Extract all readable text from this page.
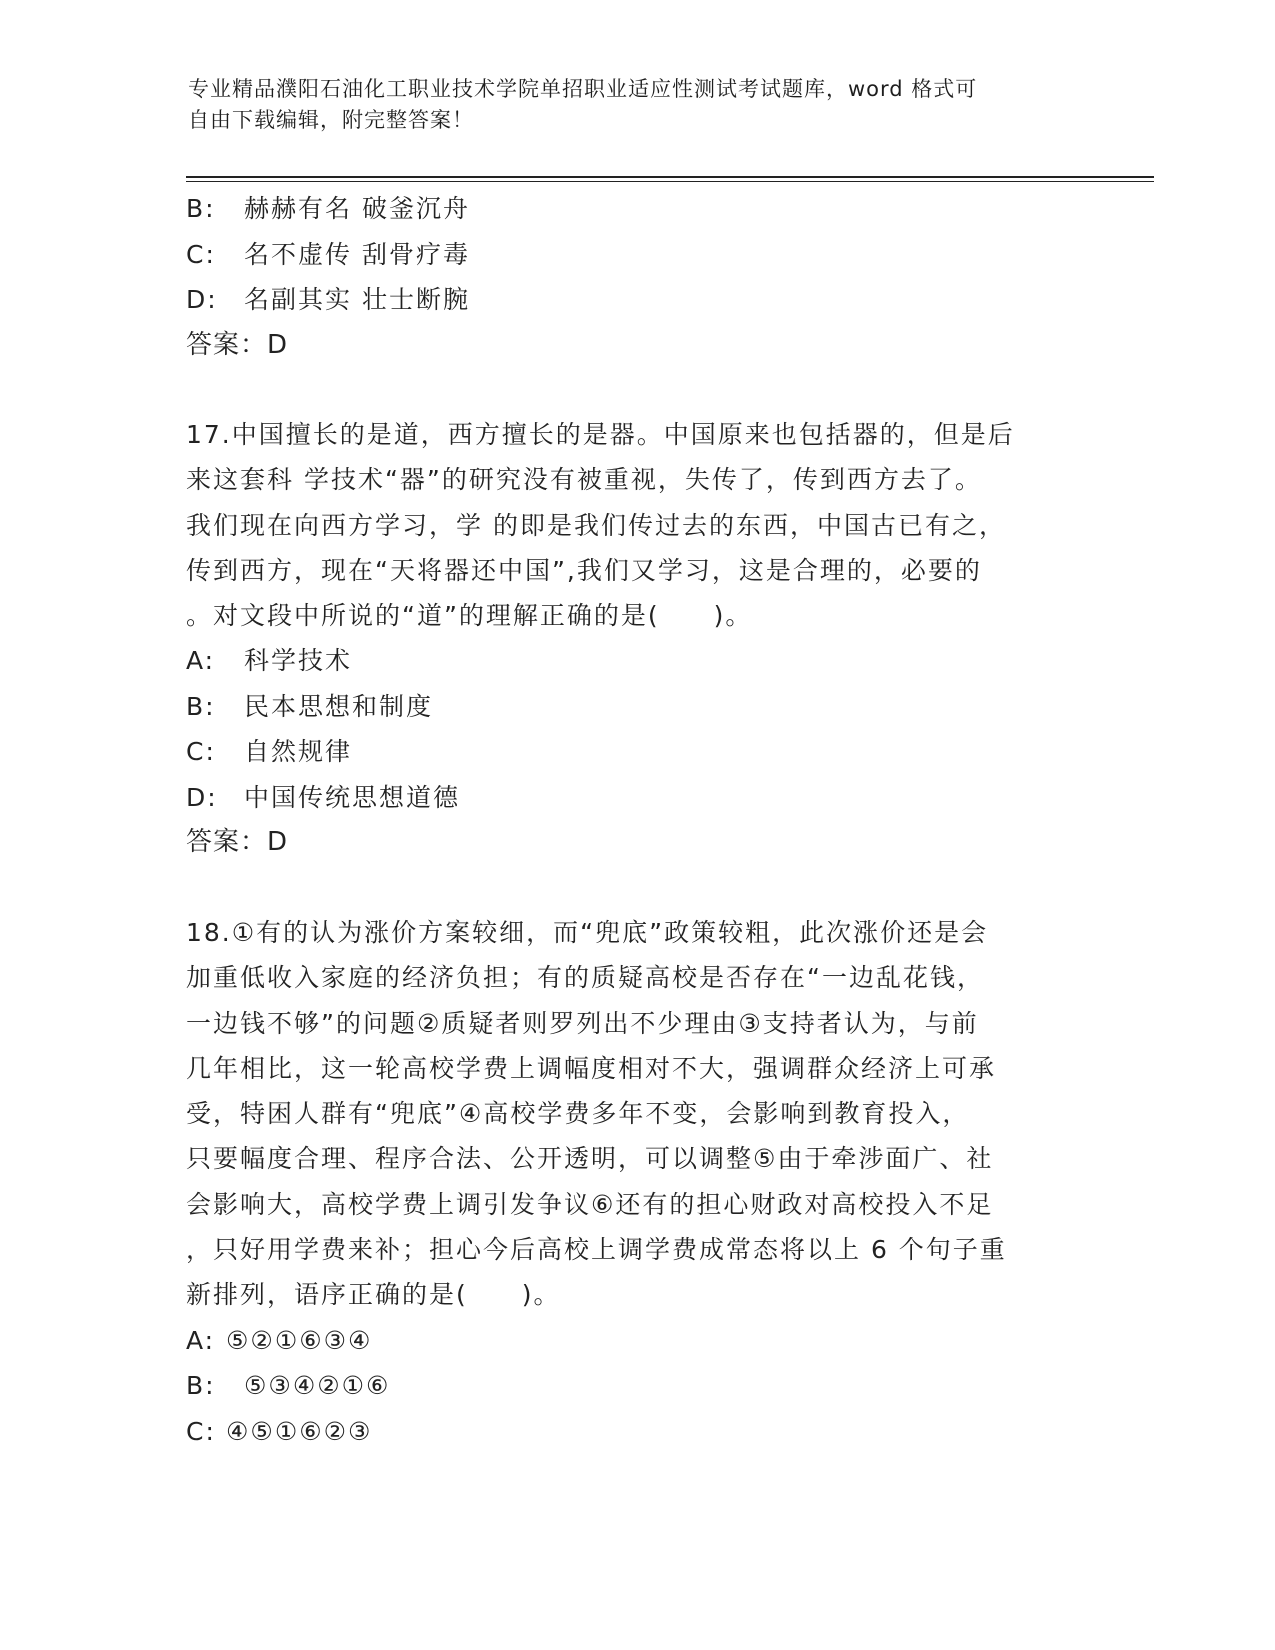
专业精品濮阳石油化工职业技术学院单招职业适应性测试考试题库，word 格式可
自由下载编辑，附完整答案！
B: 赫赫有名 破釜沉舟
C: 名不虚传 刮骨疗毒
D: 名副其实 壮士断腕
答案：D
17.中国擅长的是道，西方擅长的是器。中国原来也包括器的，但是后
来这套科 学技术“器”的研究没有被重视，失传了，传到西方去了。
我们现在向西方学习，学 的即是我们传过去的东西，中国古已有之，
传到西方，现在“天将器还中国”,我们又学习，这是合理的，必要的
。对文段中所说的“道”的理解正确的是(　　)。
A: 科学技术
B: 民本思想和制度
C: 自然规律
D: 中国传统思想道德
答案：D
18.①有的认为涨价方案较细，而“兜底”政策较粗，此次涨价还是会
加重低收入家庭的经济负担；有的质疑高校是否存在“一边乱花钱，
一边钱不够”的问题②质疑者则罗列出不少理由③支持者认为，与前
几年相比，这一轮高校学费上调幅度相对不大，强调群众经济上可承
受，特困人群有“兜底”④高校学费多年不变，会影响到教育投入，
只要幅度合理、程序合法、公开透明，可以调整⑤由于牵涉面广、社
会影响大，高校学费上调引发争议⑥还有的担心财政对高校投入不足
，只好用学费来补；担心今后高校上调学费成常态将以上 6 个句子重
新排列，语序正确的是(　　)。
A: ⑤②①⑥③④
B: ⑤③④②①⑥
C: ④⑤①⑥②③
